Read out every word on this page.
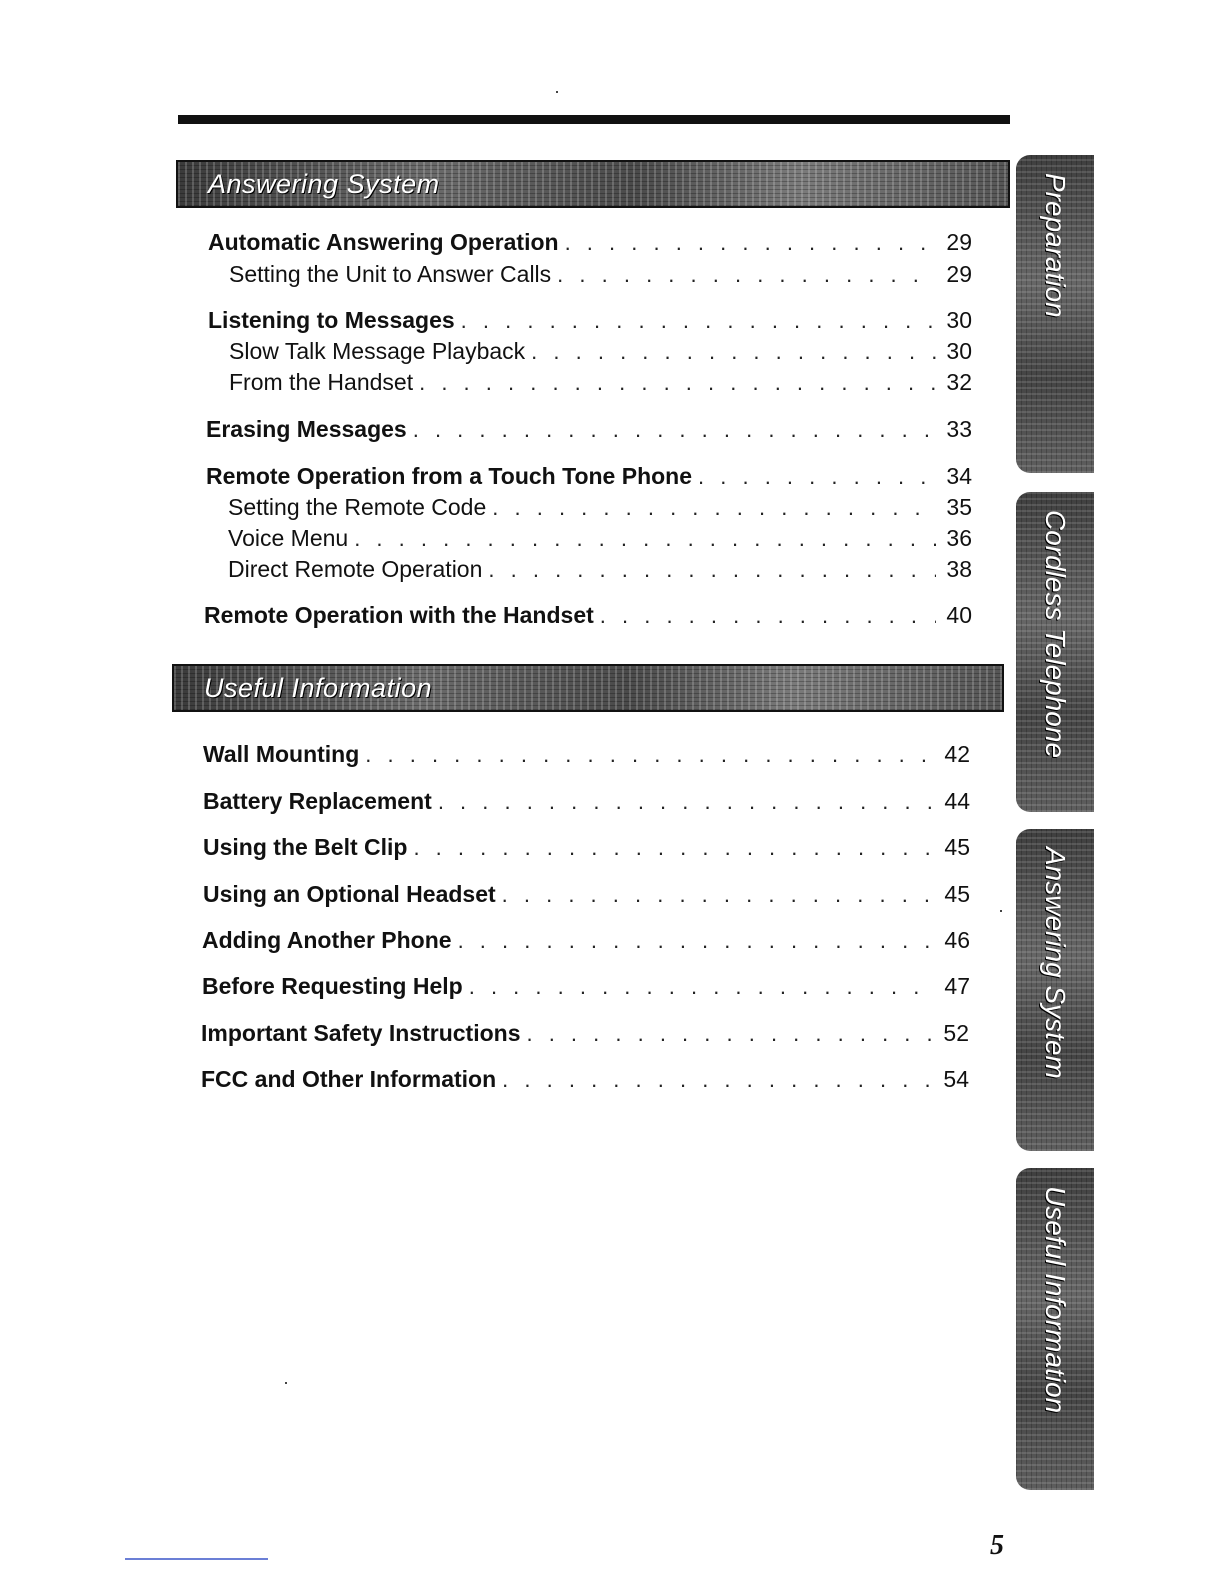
Answering System
Automatic Answering Operation . . .	29
Setting the Unit to Answer Calls . . .	29
Listening to Messages . . .	30
Slow Talk Message Playback . . .	30
From the Handset . . .	32
Erasing Messages . . .	33
Remote Operation from a Touch Tone Phone . . .	34
Setting the Remote Code . . .	35
Voice Menu . . .	36
Direct Remote Operation . . .	38
Remote Operation with the Handset . . .	40
Useful Information
Wall Mounting . . .	42
Battery Replacement . . .	44
Using the Belt Clip . . .	45
Using an Optional Headset . . .	45
Adding Another Phone . . .	46
Before Requesting Help . . .	47
Important Safety Instructions . . .	52
FCC and Other Information . . .	54
Preparation
Cordless Telephone
Answering System
Useful Information
5
